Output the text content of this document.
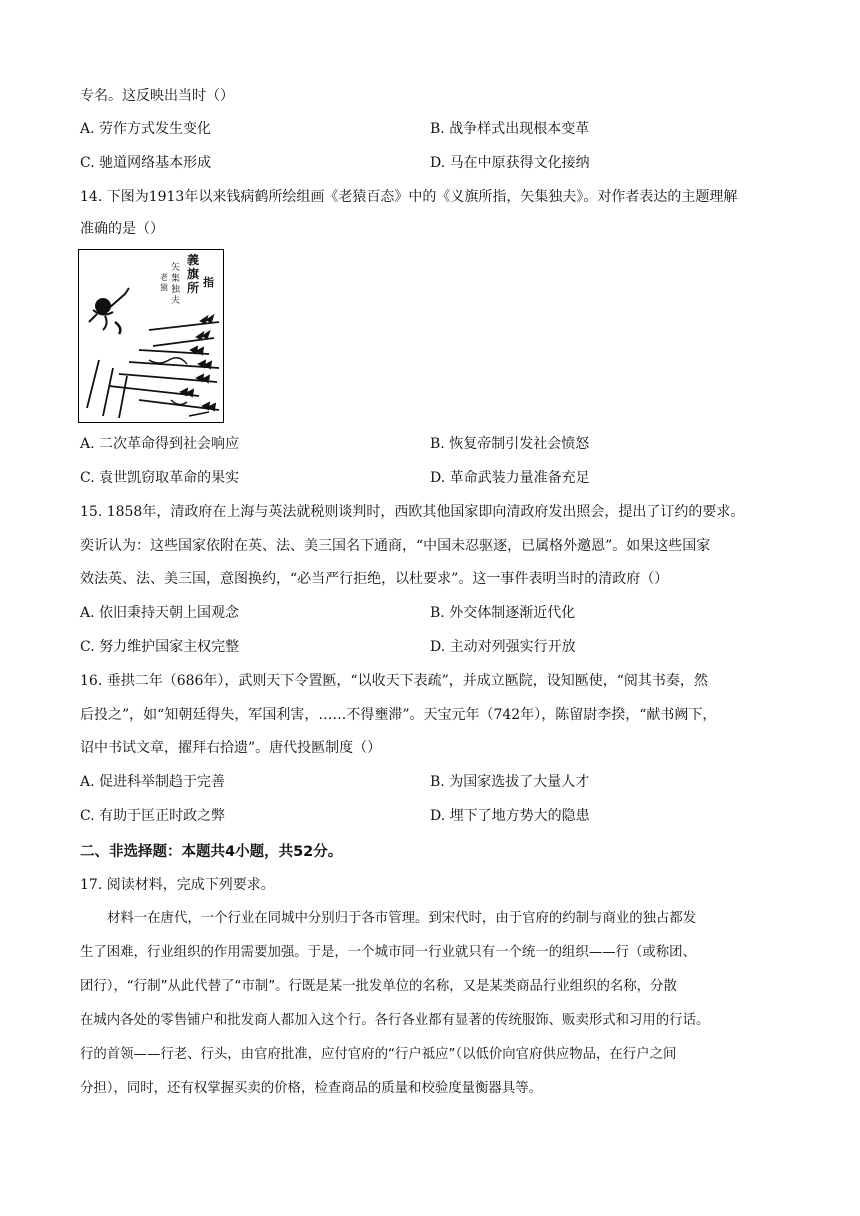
专名。这反映出当时（）
A. 劳作方式发生变化	B. 战争样式出现根本变革
C. 驰道网络基本形成	D. 马在中原获得文化接纳
14. 下图为1913年以来钱病鹤所绘组画《老猿百态》中的《义旗所指，矢集独夫》。对作者表达的主题理解
准确的是（）
義
旗
所 指
矢
集
独
夫
老
猿
A. 二次革命得到社会响应	B. 恢复帝制引发社会愤怒
C. 袁世凯窃取革命的果实	D. 革命武装力量准备充足
15. 1858年，清政府在上海与英法就税则谈判时，西欧其他国家即向清政府发出照会，提出了订约的要求。
奕䜣认为：这些国家依附在英、法、美三国名下通商，“中国未忍驱逐，已属格外邀恩”。如果这些国家
效法英、法、美三国，意图换约，“必当严行拒绝，以杜要求”。这一事件表明当时的清政府（）
A. 依旧秉持天朝上国观念	B. 外交体制逐渐近代化
C. 努力维护国家主权完整	D. 主动对列强实行开放
16. 垂拱二年（686年），武则天下令置匦，“以收天下表疏”，并成立匦院，设知匦使，“阅其书奏，然
后投之”，如“知朝廷得失，军国利害，……不得壅滞”。天宝元年（742年），陈留尉李揆，“献书阙下，
诏中书试文章，擢拜右拾遗”。唐代投匦制度（）
A. 促进科举制趋于完善	B. 为国家选拔了大量人才
C. 有助于匡正时政之弊	D. 埋下了地方势大的隐患
二、非选择题：本题共4小题，共52分。
17. 阅读材料，完成下列要求。
材料一在唐代，一个行业在同城中分别归于各市管理。到宋代时，由于官府的约制与商业的独占都发
生了困难，行业组织的作用需要加强。于是，一个城市同一行业就只有一个统一的组织——行（或称团、
团行），“行制”从此代替了“市制”。行既是某一批发单位的名称，又是某类商品行业组织的名称，分散
在城内各处的零售铺户和批发商人都加入这个行。各行各业都有显著的传统服饰、贩卖形式和习用的行话。
行的首领——行老、行头，由官府批准，应付官府的“行户祗应”（以低价向官府供应物品，在行户之间
分担），同时，还有权掌握买卖的价格，检查商品的质量和校验度量衡器具等。
